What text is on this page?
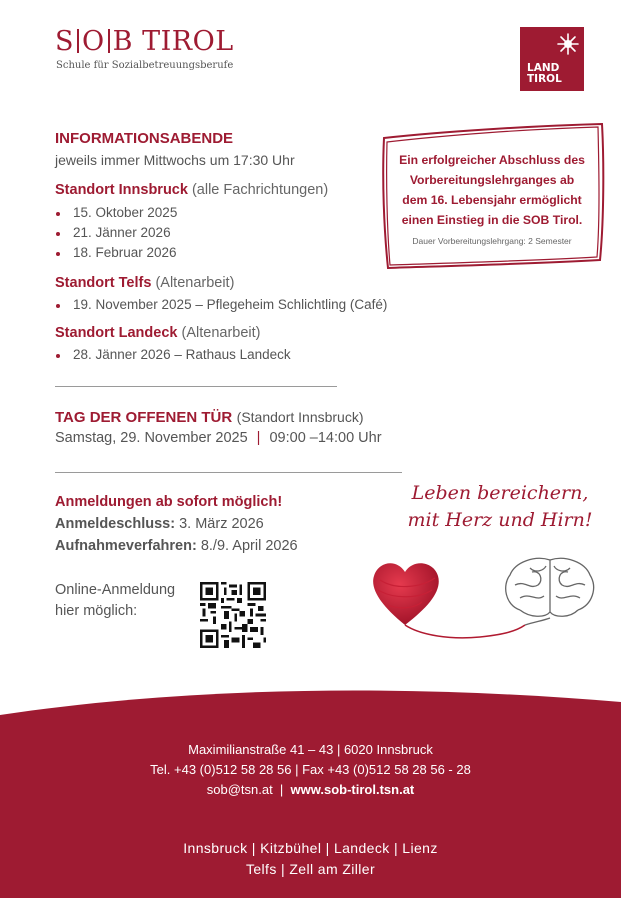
S O B TIROL
Schule für Sozialbetreuungsberufe	LAND
TIROL
INFORMATIONSABENDE
jeweils immer Mittwochs um 17:30 Uhr
Standort Innsbruck (alle Fachrichtungen)
15. Oktober 2025
21. Jänner 2026
18. Februar 2026
Standort Telfs (Altenarbeit)
19. November 2025 – Pflegeheim Schlichtling (Café)
Standort Landeck (Altenarbeit)
28. Jänner 2026 – Rathaus Landeck
Ein erfolgreicher Abschluss des
Vorbereitungslehrganges ab
dem 16. Lebensjahr ermöglicht
einen Einstieg in die SOB Tirol.
Dauer Vorbereitungslehrgang: 2 Semester
TAG DER OFFENEN TÜR (Standort Innsbruck)
Samstag, 29. November 2025 | 09:00 –14:00 Uhr
Anmeldungen ab sofort möglich!
Anmeldeschluss: 3. März 2026
Aufnahmeverfahren: 8./9. April 2026
Online-Anmeldung
hier möglich:
Leben bereichern,
mit Herz und Hirn!
Maximilianstraße 41 – 43 | 6020 Innsbruck
Tel. +43 (0)512 58 28 56 | Fax +43 (0)512 58 28 56 - 28
sob@tsn.at  |  www.sob-tirol.tsn.at
Innsbruck | Kitzbühel | Landeck | Lienz
Telfs | Zell am Ziller
